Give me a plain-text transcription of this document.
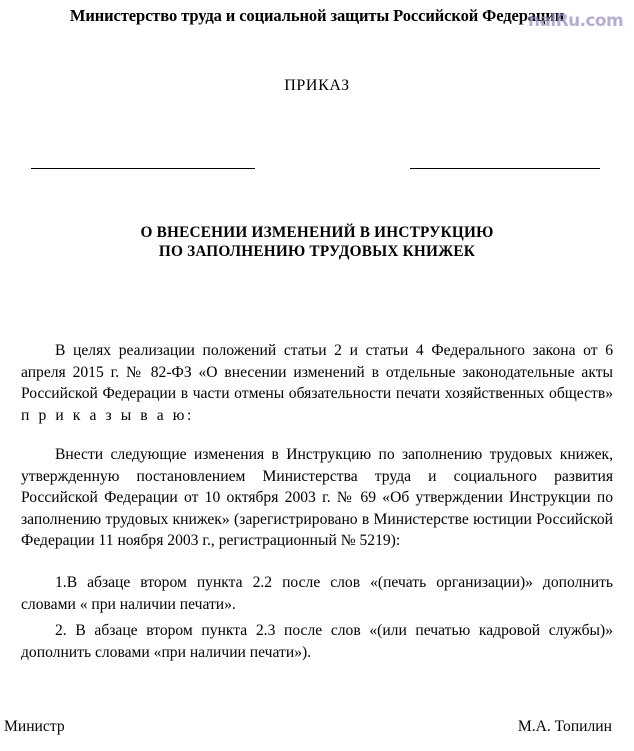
Министерство труда и социальной защиты Российской Федерации
nalRu.com
ПРИКАЗ
О ВНЕСЕНИИ ИЗМЕНЕНИЙ В ИНСТРУКЦИЮ
ПО ЗАПОЛНЕНИЮ ТРУДОВЫХ КНИЖЕК
В целях реализации положений статьи 2 и статьи 4 Федерального закона от 6 апреля 2015 г. № 82-ФЗ «О внесении изменений в отдельные законодательные акты Российской Федерации в части отмены обязательности печати хозяйственных обществ» п р и к а з ы в а ю:
Внести следующие изменения в Инструкцию по заполнению трудовых книжек, утвержденную постановлением Министерства труда и социального развития Российской Федерации от 10 октября 2003 г. № 69 «Об утверждении Инструкции по заполнению трудовых книжек» (зарегистрировано в Министерстве юстиции Российской Федерации 11 ноября 2003 г., регистрационный № 5219):
1.В абзаце втором пункта 2.2 после слов «(печать организации)» дополнить словами « при наличии печати».
2. В абзаце втором пункта 2.3 после слов «(или печатью кадровой службы)» дополнить словами «при наличии печати»).
Министр	М.А. Топилин
